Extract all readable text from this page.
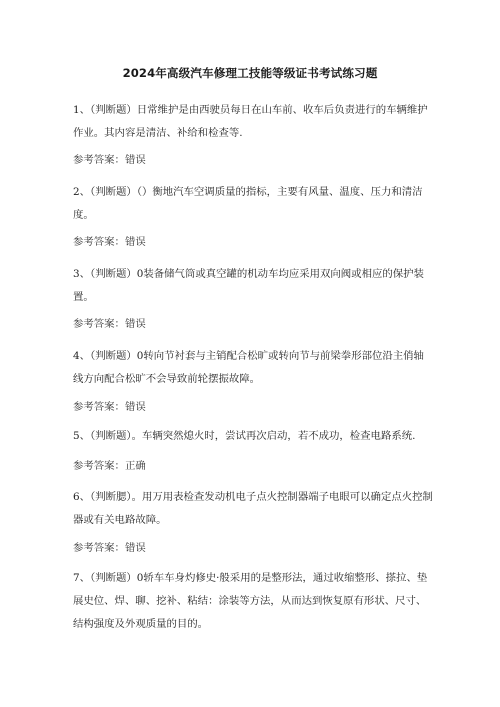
2024年高级汽车修理工技能等级证书考试练习题

1、（判断题）日常维护是由西驶员每日在山车前、收车后负责进行的车辆维护作业。其内容是清洁、补给和检查等.

参考答案：错误

2、（判断题）（）衡地汽车空调质量的指标，主要有风量、温度、压力和清洁度。

参考答案：错误

3、（判断题）0装备储气筒或真空罐的机动车均应采用双向阀或相应的保护装置。

参考答案：错误

4、（判断题）0转向节衬套与主销配合松旷或转向节与前梁拳形部位沿主俏轴线方向配合松旷不会导致前轮摆振故障。

参考答案：错误

5、（判断题）。车辆突然熄火时，尝试再次启动，若不成功，检查电路系统.

参考答案：正确

6、（判断腮）。用万用表检查发动机电子点火控制器端子电眼可以确定点火控制器或有关电路故障。

参考答案：错误

7、（判断题）0轿车车身灼修史·般采用的是整形法，通过收缩整形、搽拉、垫展史位、焊、聊、挖补、粘结：涂装等方法，从而达到恢复原有形状、尺寸、结构强度及外观质量的目的。
